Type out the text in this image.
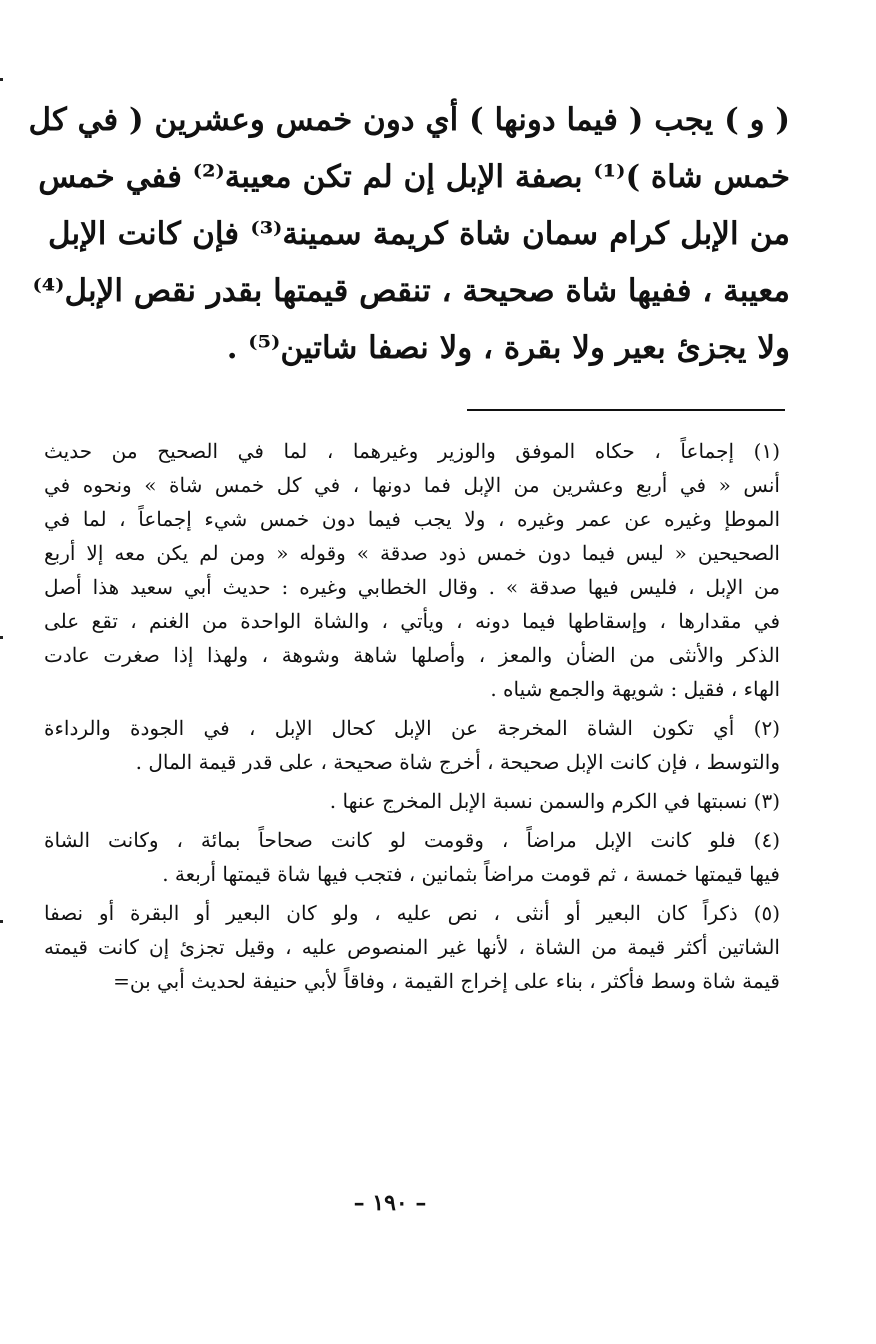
( و ) يجب ( فيما دونها ) أي دون خمس وعشرين ( في كل
خمس شاة )⁽¹⁾ بصفة الإبل إن لم تكن معيبة⁽²⁾ ففي خمس
من الإبل كرام سمان شاة كريمة سمينة⁽³⁾ فإن كانت الإبل
معيبة ، ففيها شاة صحيحة ، تنقص قيمتها بقدر نقص الإبل⁽⁴⁾
ولا يجزئ بعير ولا بقرة ، ولا نصفا شاتين⁽⁵⁾ .
(١) إجماعاً ، حكاه الموفق والوزير وغيرهما ، لما في الصحيح من حديث
أنس « في أربع وعشرين من الإبل فما دونها ، في كل خمس شاة » ونحوه في
الموطإ وغيره عن عمر وغيره ، ولا يجب فيما دون خمس شيء إجماعاً ، لما في
الصحيحين « ليس فيما دون خمس ذود صدقة » وقوله « ومن لم يكن معه إلا أربع
من الإبل ، فليس فيها صدقة » . وقال الخطابي وغيره : حديث أبي سعيد هذا أصل
في مقدارها ، وإسقاطها فيما دونه ، ويأتي ، والشاة الواحدة من الغنم ، تقع على
الذكر والأنثى من الضأن والمعز ، وأصلها شاهة وشوهة ، ولهذا إذا صغرت عادت
الهاء ، فقيل : شويهة والجمع شياه .
(٢) أي تكون الشاة المخرجة عن الإبل كحال الإبل ، في الجودة والرداءة
والتوسط ، فإن كانت الإبل صحيحة ، أخرج شاة صحيحة ، على قدر قيمة المال .
(٣) نسبتها في الكرم والسمن نسبة الإبل المخرج عنها .
(٤) فلو كانت الإبل مراضاً ، وقومت لو كانت صحاحاً بمائة ، وكانت الشاة
فيها قيمتها خمسة ، ثم قومت مراضاً بثمانين ، فتجب فيها شاة قيمتها أربعة .
(٥) ذكراً كان البعير أو أنثى ، نص عليه ، ولو كان البعير أو البقرة أو نصفا
الشاتين أكثر قيمة من الشاة ، لأنها غير المنصوص عليه ، وقيل تجزئ إن كانت قيمته
قيمة شاة وسط فأكثر ، بناء على إخراج القيمة ، وفاقاً لأبي حنيفة لحديث أبي بن=
– ١٩٠ –
